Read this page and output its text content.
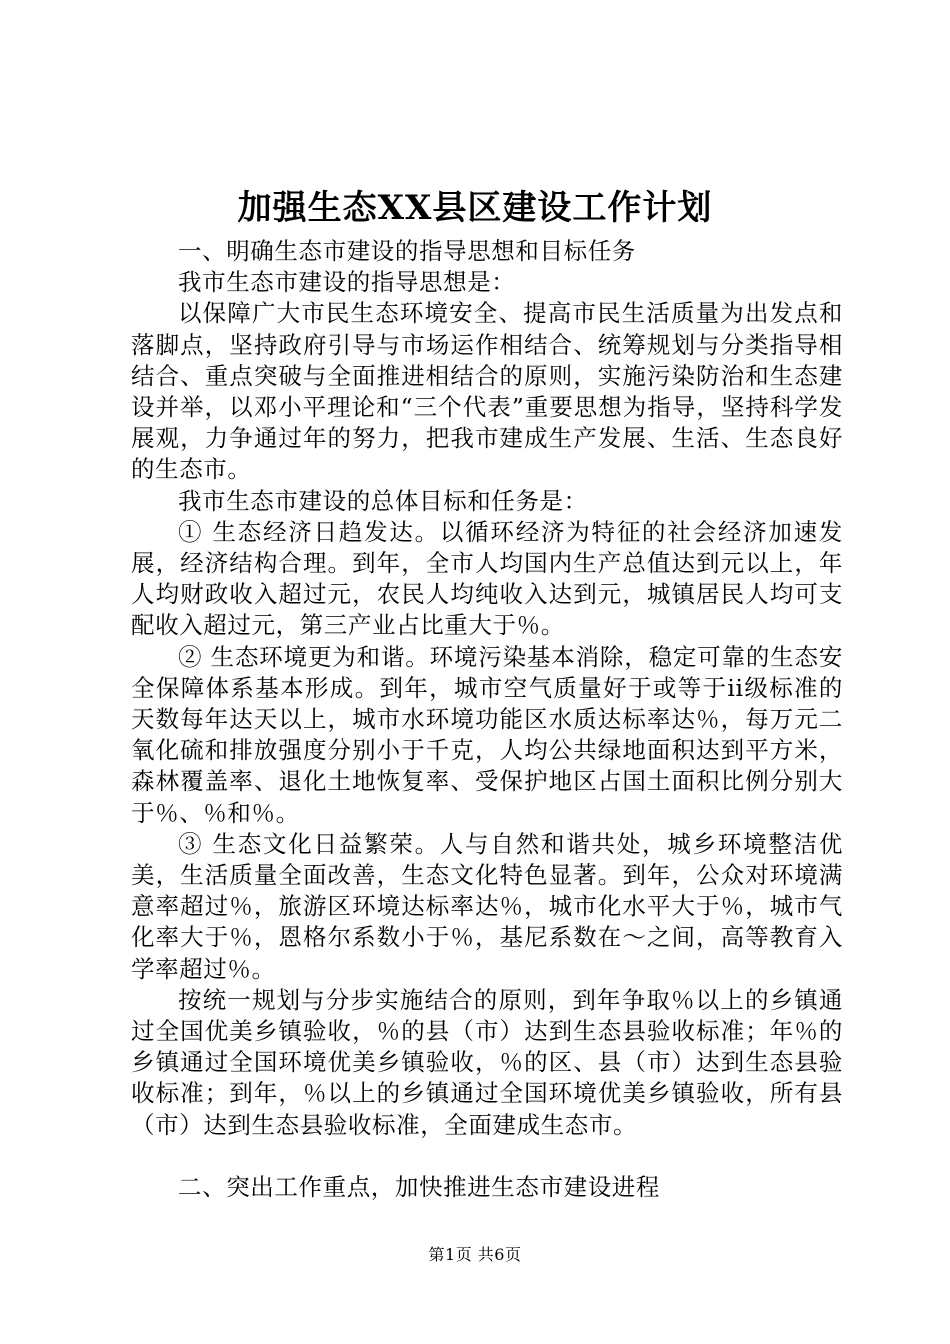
加强生态XX县区建设工作计划

一、明确生态市建设的指导思想和目标任务

我市生态市建设的指导思想是：

以保障广大市民生态环境安全、提高市民生活质量为出发点和落脚点，坚持政府引导与市场运作相结合、统筹规划与分类指导相结合、重点突破与全面推进相结合的原则，实施污染防治和生态建设并举，以邓小平理论和“三个代表”重要思想为指导，坚持科学发展观，力争通过年的努力，把我市建成生产发展、生活、生态良好的生态市。

我市生态市建设的总体目标和任务是：

① 生态经济日趋发达。以循环经济为特征的社会经济加速发展，经济结构合理。到年，全市人均国内生产总值达到元以上，年人均财政收入超过元，农民人均纯收入达到元，城镇居民人均可支配收入超过元，第三产业占比重大于％。

② 生态环境更为和谐。环境污染基本消除，稳定可靠的生态安全保障体系基本形成。到年，城市空气质量好于或等于ii级标准的天数每年达天以上，城市水环境功能区水质达标率达％，每万元二氧化硫和排放强度分别小于千克，人均公共绿地面积达到平方米，森林覆盖率、退化土地恢复率、受保护地区占国土面积比例分别大于％、％和％。

③ 生态文化日益繁荣。人与自然和谐共处，城乡环境整洁优美，生活质量全面改善，生态文化特色显著。到年，公众对环境满意率超过％，旅游区环境达标率达％，城市化水平大于％，城市气化率大于％，恩格尔系数小于％，基尼系数在～之间，高等教育入学率超过％。

按统一规划与分步实施结合的原则，到年争取％以上的乡镇通过全国优美乡镇验收，％的县（市）达到生态县验收标准；年％的乡镇通过全国环境优美乡镇验收，％的区、县（市）达到生态县验收标准；到年，％以上的乡镇通过全国环境优美乡镇验收，所有县（市）达到生态县验收标准，全面建成生态市。

二、突出工作重点，加快推进生态市建设进程

第1页 共6页
